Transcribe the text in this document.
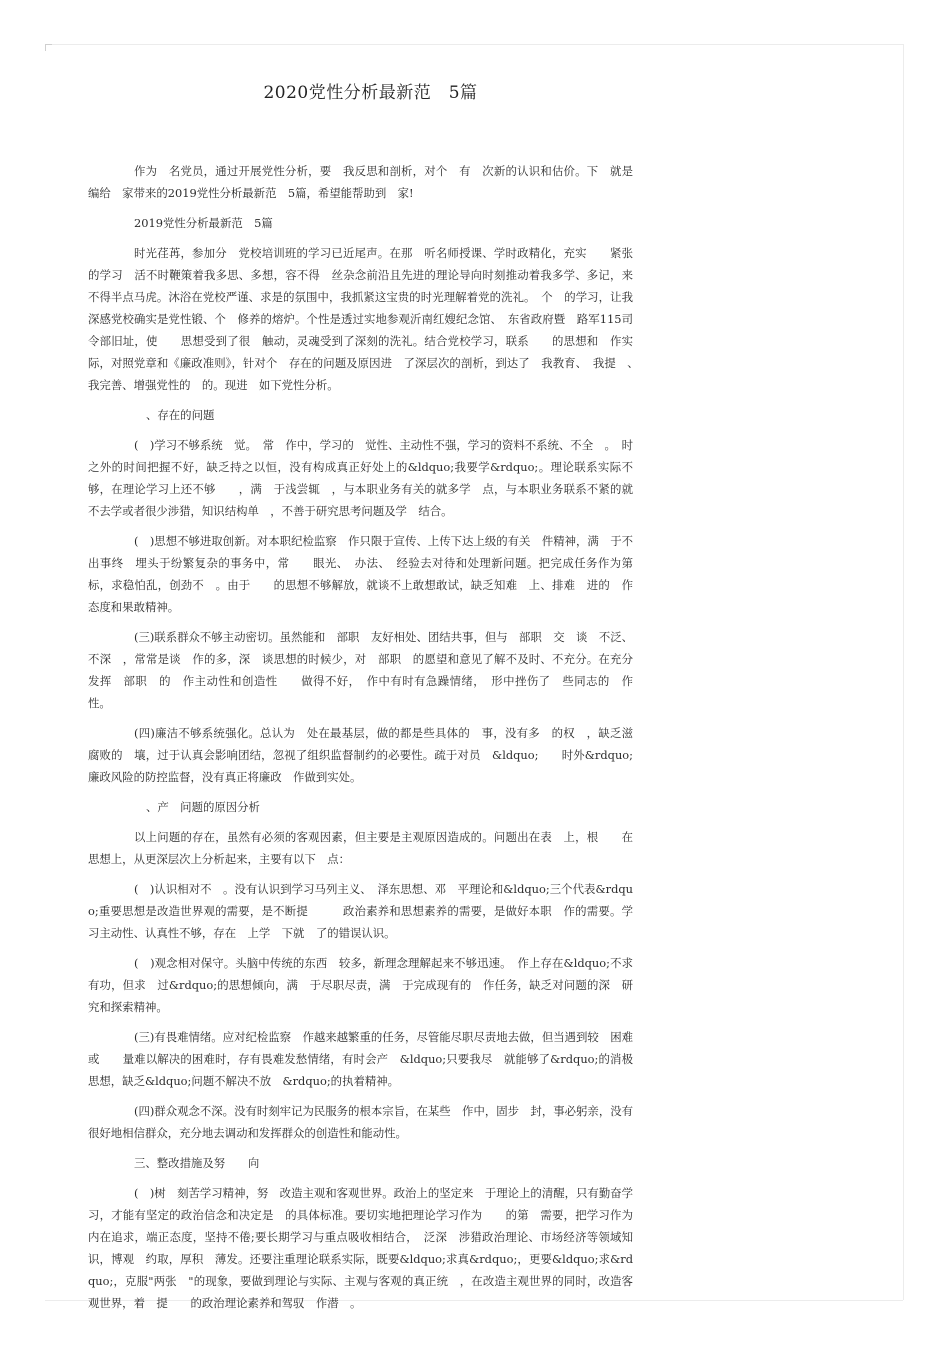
2020党性分析最新范　5篇

作为　名党员，通过开展党性分析，要　我反思和剖析，对个　有　次新的认识和估价。下　就是　编给　家带来的2019党性分析最新范　5篇，希望能帮助到　家!

2019党性分析最新范　5篇

时光荏苒，参加分　党校培训班的学习已近尾声。在那　听名师授课、学时政精化，充实　　紧张的学习　活不时鞭策着我多思、多想，容不得　丝杂念前沿且先进的理论导向时刻推动着我多学、多记，来不得半点马虎。沐浴在党校严谨、求是的氛围中，我抓紧这宝贵的时光理解着党的洗礼。　个　的学习，让我深感党校确实是党性锻、个　修养的熔炉。个性是透过实地参观沂南红嫂纪念馆、　东省政府暨　路军115司令部旧址，使　　思想受到了很　触动，灵魂受到了深刻的洗礼。结合党校学习，联系　　的思想和　作实际，对照党章和《廉政准则》，针对个　存在的问题及原因进　了深层次的剖析，到达了　我教育、　我提　、　我完善、增强党性的　的。现进　如下党性分析。

、存在的问题

(　)学习不够系统　觉。　常　作中，学习的　觉性、主动性不强，学习的资料不系统、不全　。　时之外的时间把握不好，缺乏持之以恒，没有构成真正好处上的&ldquo;我要学&rdquo;。理论联系实际不够，在理论学习上还不够　　，满　于浅尝辄　，与本职业务有关的就多学　点，与本职业务联系不紧的就不去学或者很少涉猎，知识结构单　，不善于研究思考问题及学　结合。

(　)思想不够进取创新。对本职纪检监察　作只限于宣传、上传下达上级的有关　件精神，满　于不出事终　埋头于纷繁复杂的事务中，常　　眼光、　办法、　经验去对待和处理新问题。把完成任务作为第　　标，求稳怕乱，创劲不　。由于　　的思想不够解放，就谈不上敢想敢试，缺乏知难　上、排难　进的　作态度和果敢精神。

(三)联系群众不够主动密切。虽然能和　部职　友好相处、团结共事，但与　部职　交　谈　不泛、不深　，常常是谈　作的多，深　谈思想的时候少，对　部职　的愿望和意见了解不及时、不充分。在充分发挥　部职　的　作主动性和创造性　　做得不好，　作中有时有急躁情绪，　形中挫伤了　些同志的　作　　性。

(四)廉洁不够系统强化。总认为　处在最基层，做的都是些具体的　事，没有多　的权　，缺乏滋　腐败的　壤，过于认真会影响团结，忽视了组织监督制约的必要性。疏于对员　&ldquo;　　时外&rdquo;廉政风险的防控监督，没有真正将廉政　作做到实处。

、产　问题的原因分析

以上问题的存在，虽然有必须的客观因素，但主要是主观原因造成的。问题出在表　上，根　　在思想上，从更深层次上分析起来，主要有以下　点：

(　)认识相对不　。没有认识到学习马列主义、　泽东思想、邓　平理论和&ldquo;三个代表&rdquo;重要思想是改造世界观的需要，是不断提　　　政治素养和思想素养的需要，是做好本职　作的需要。学习主动性、认真性不够，存在　上学　下就　了的错误认识。

(　)观念相对保守。头脑中传统的东西　较多，新理念理解起来不够迅速。　作上存在&ldquo;不求有功，但求　过&rdquo;的思想倾向，满　于尽职尽责，满　于完成现有的　作任务，缺乏对问题的深　研究和探索精神。

(三)有畏难情绪。应对纪检监察　作越来越繁重的任务，尽管能尽职尽责地去做，但当遇到较　困难或　　量难以解决的困难时，存有畏难发愁情绪，有时会产　&ldquo;只要我尽　就能够了&rdquo;的消极思想，缺乏&ldquo;问题不解决不放　&rdquo;的执着精神。

(四)群众观念不深。没有时刻牢记为民服务的根本宗旨，在某些　作中，固步　封，事必躬亲，没有很好地相信群众，充分地去调动和发挥群众的创造性和能动性。

三、整改措施及努　　向

(　)树　刻苦学习精神，努　改造主观和客观世界。政治上的坚定来　于理论上的清醒，只有勤奋学习，才能有坚定的政治信念和决定是　的具体标准。要切实地把理论学习作为　　的第　需要，把学习作为内在追求，端正态度，坚持不倦;要长期学习与重点吸收相结合，　泛深　涉猎政治理论、市场经济等领域知识，博观　约取，厚积　薄发。还要注重理论联系实际，既要&ldquo;求真&rdquo;，更要&ldquo;求&rdquo;，克服"两张　"的现象，要做到理论与实际、主观与客观的真正统　，在改造主观世界的同时，改造客观世界，着　提　　的政治理论素养和驾驭　作潜　。
